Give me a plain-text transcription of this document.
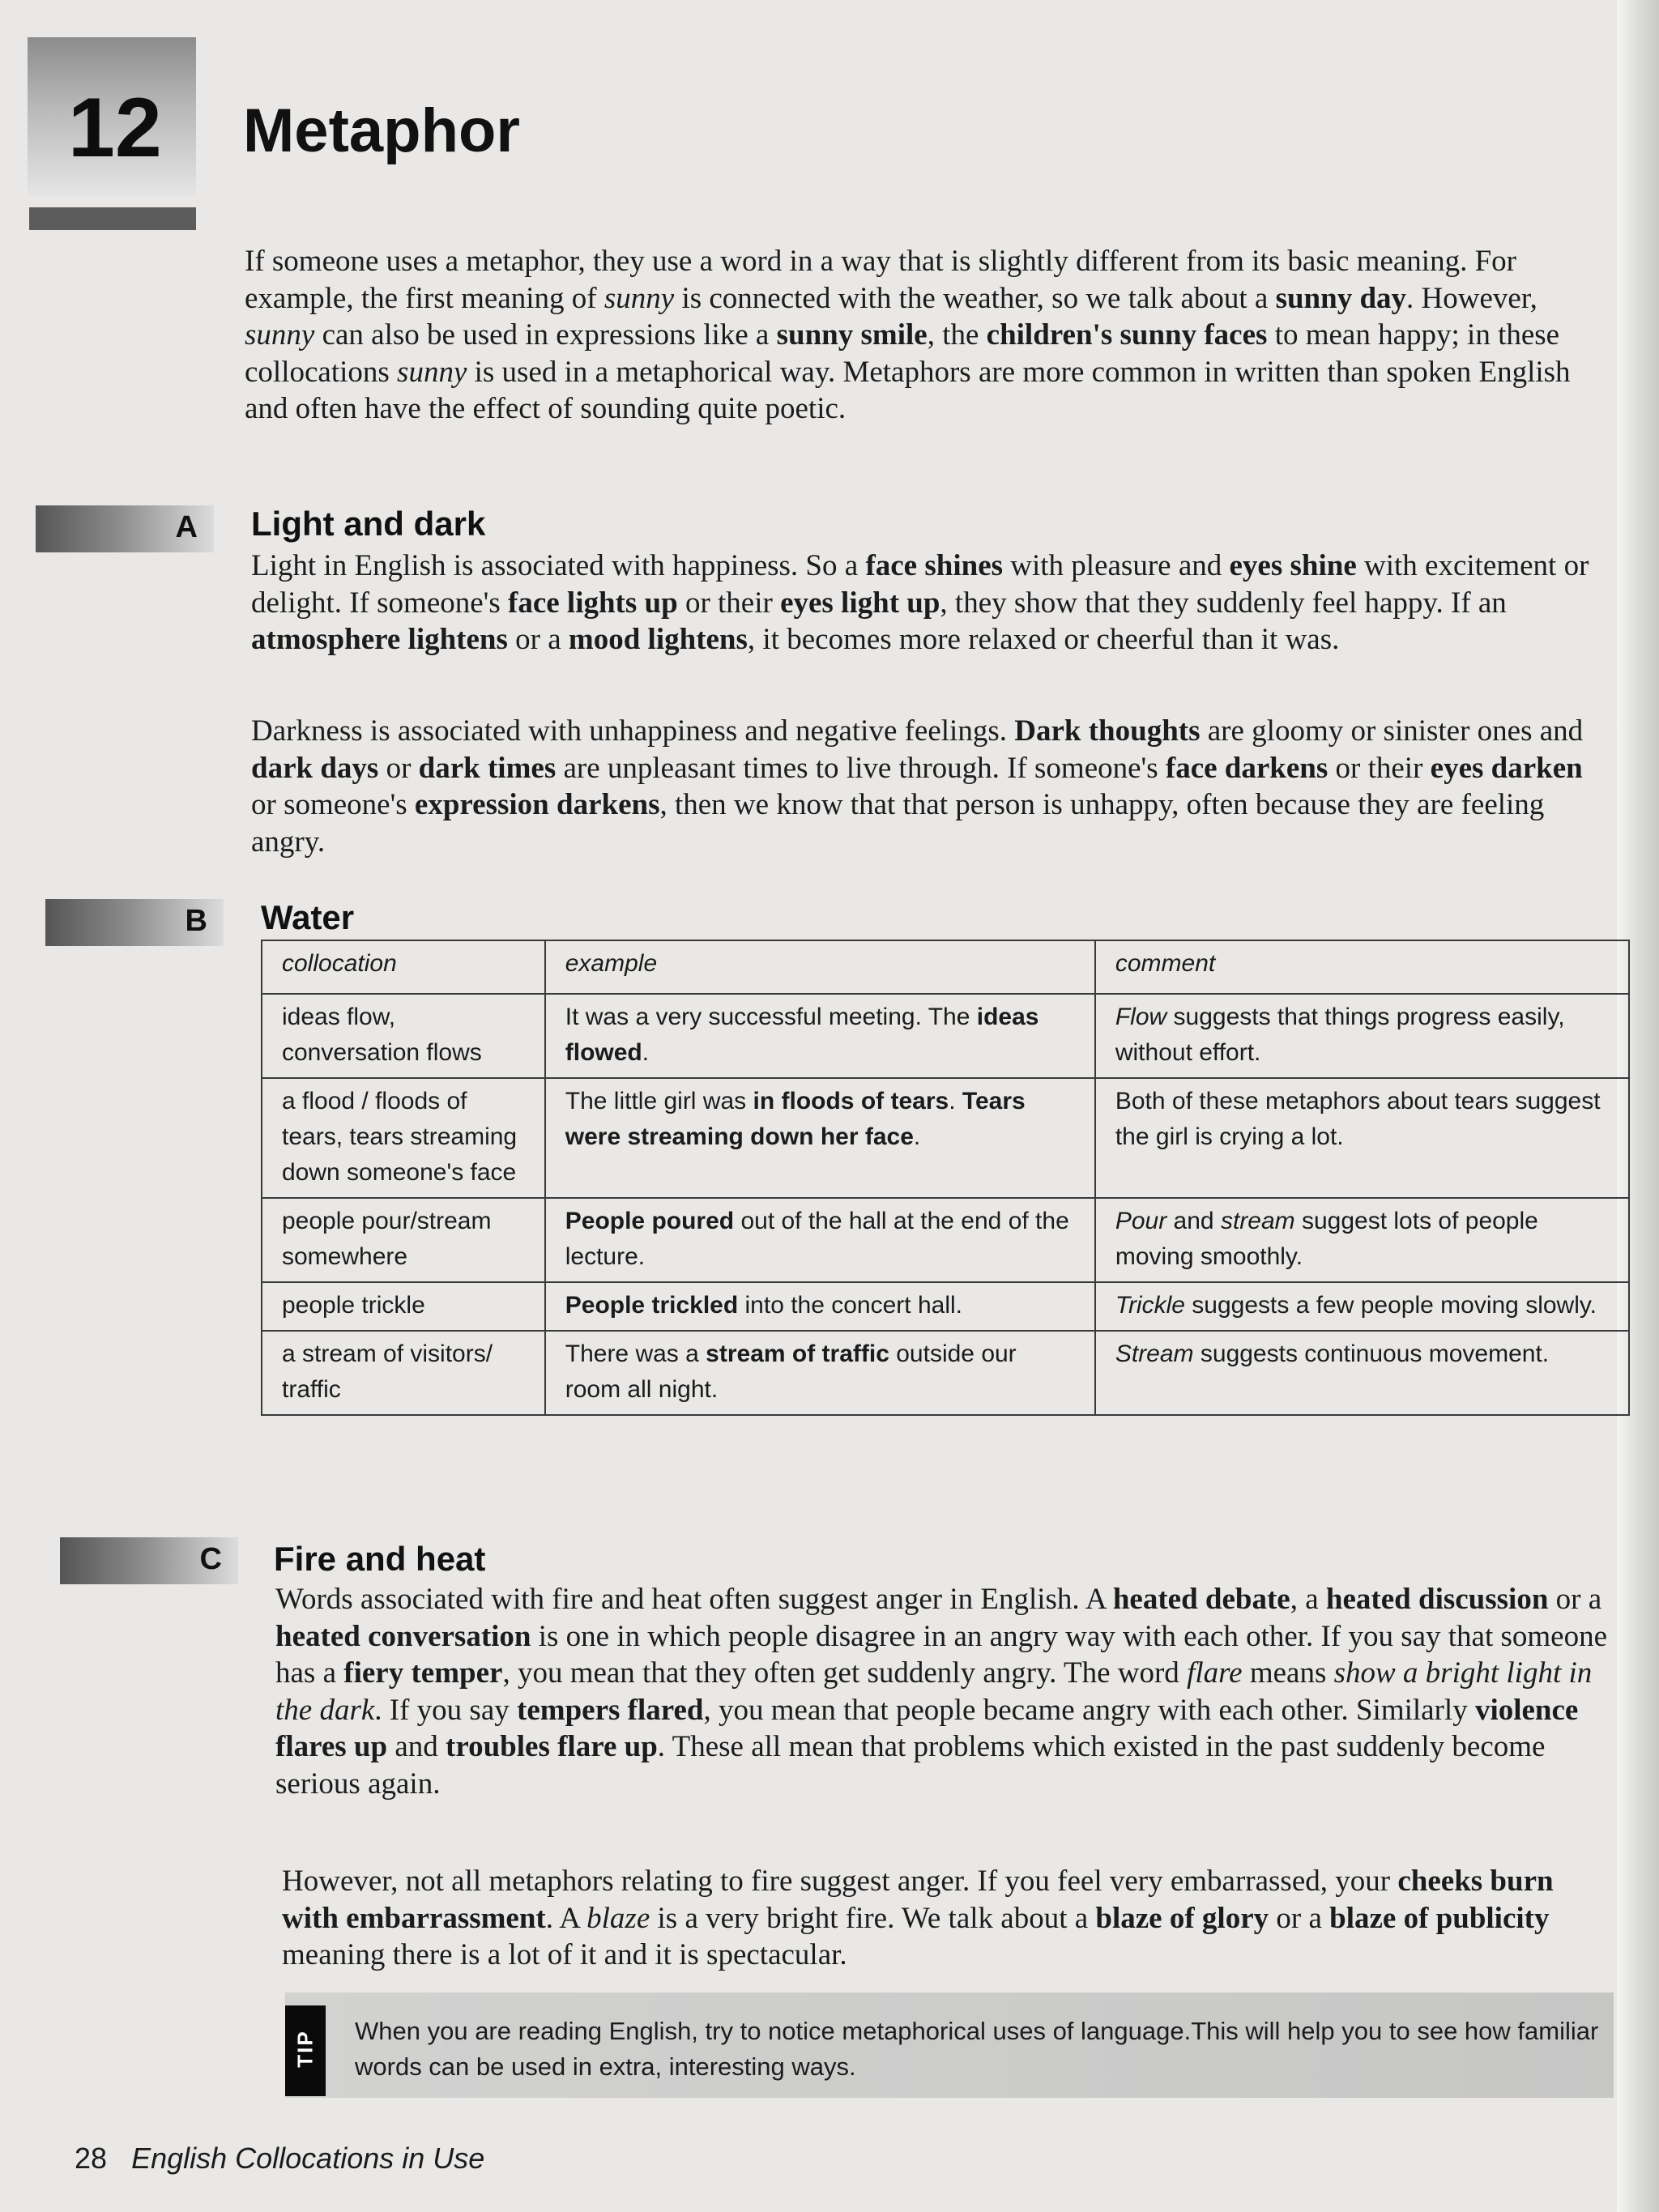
12 Metaphor

If someone uses a metaphor, they use a word in a way that is slightly different from its basic meaning. For example, the first meaning of sunny is connected with the weather, so we talk about a sunny day. However, sunny can also be used in expressions like a sunny smile, the children's sunny faces to mean happy; in these collocations sunny is used in a metaphorical way. Metaphors are more common in written than spoken English and often have the effect of sounding quite poetic.

A Light and dark

Light in English is associated with happiness. So a face shines with pleasure and eyes shine with excitement or delight. If someone's face lights up or their eyes light up, they show that they suddenly feel happy. If an atmosphere lightens or a mood lightens, it becomes more relaxed or cheerful than it was.

Darkness is associated with unhappiness and negative feelings. Dark thoughts are gloomy or sinister ones and dark days or dark times are unpleasant times to live through. If someone's face darkens or their eyes darken or someone's expression darkens, then we know that that person is unhappy, often because they are feeling angry.

B Water
collocation	example	comment
ideas flow, conversation flows	It was a very successful meeting. The ideas flowed.	Flow suggests that things progress easily, without effort.
a flood / floods of tears, tears streaming down someone's face	The little girl was in floods of tears. Tears were streaming down her face.	Both of these metaphors about tears suggest the girl is crying a lot.
people pour/stream somewhere	People poured out of the hall at the end of the lecture.	Pour and stream suggest lots of people moving smoothly.
people trickle	People trickled into the concert hall.	Trickle suggests a few people moving slowly.
a stream of visitors/ traffic	There was a stream of traffic outside our room all night.	Stream suggests continuous movement.
C Fire and heat

Words associated with fire and heat often suggest anger in English. A heated debate, a heated discussion or a heated conversation is one in which people disagree in an angry way with each other. If you say that someone has a fiery temper, you mean that they often get suddenly angry. The word flare means show a bright light in the dark. If you say tempers flared, you mean that people became angry with each other. Similarly violence flares up and troubles flare up. These all mean that problems which existed in the past suddenly become serious again.

However, not all metaphors relating to fire suggest anger. If you feel very embarrassed, your cheeks burn with embarrassment. A blaze is a very bright fire. We talk about a blaze of glory or a blaze of publicity meaning there is a lot of it and it is spectacular.

TIP When you are reading English, try to notice metaphorical uses of language.This will help you to see how familiar words can be used in extra, interesting ways.

28 English Collocations in Use
